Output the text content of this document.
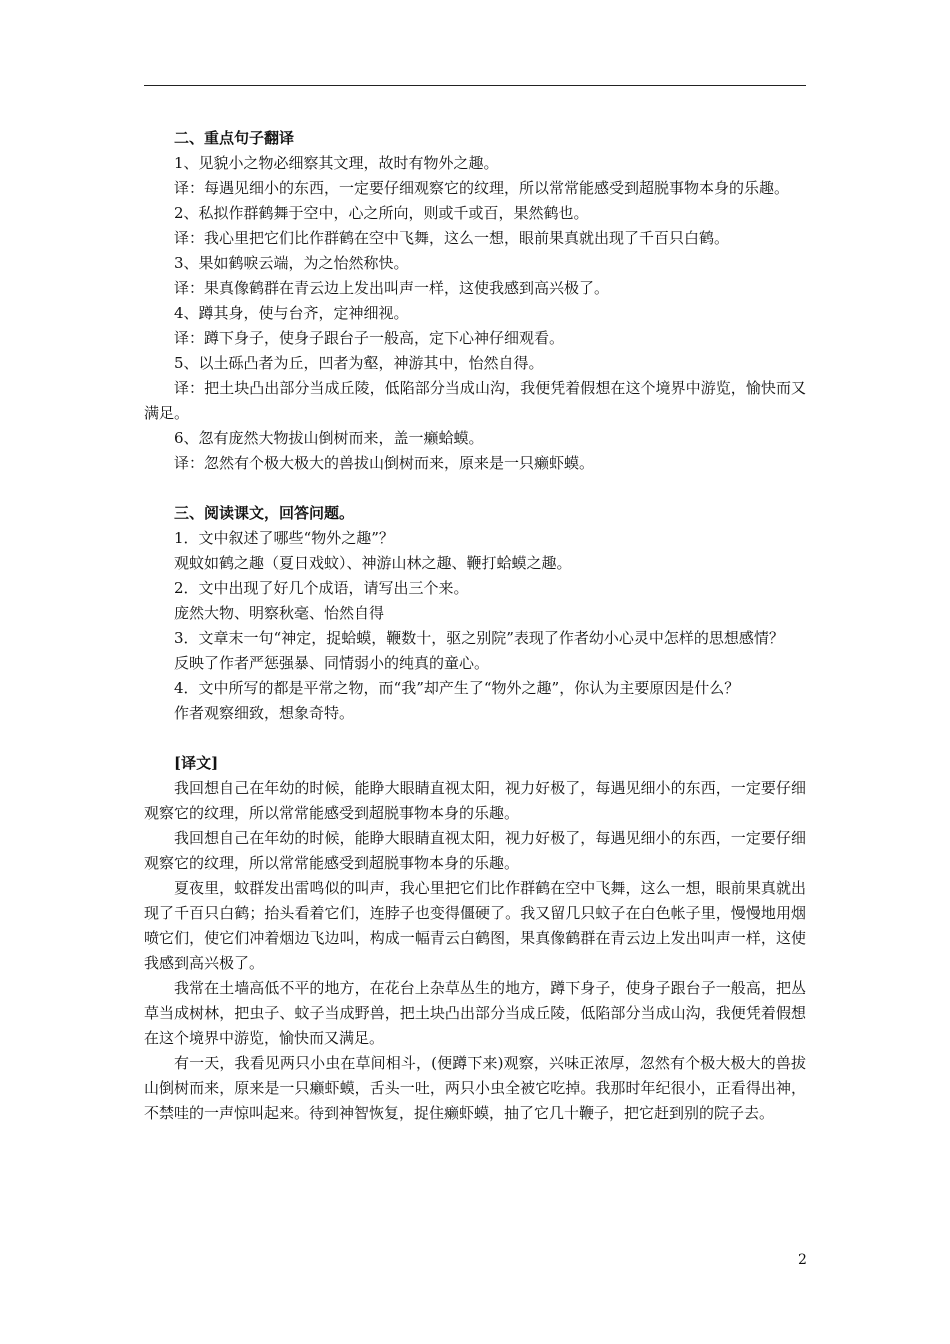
二、重点句子翻译
1、见貌小之物必细察其文理，故时有物外之趣。
译：每遇见细小的东西，一定要仔细观察它的纹理，所以常常能感受到超脱事物本身的乐趣。
2、私拟作群鹤舞于空中，心之所向，则或千或百，果然鹤也。
译：我心里把它们比作群鹤在空中飞舞，这么一想，眼前果真就出现了千百只白鹤。
3、果如鹤唳云端，为之怡然称快。
译：果真像鹤群在青云边上发出叫声一样，这使我感到高兴极了。
4、蹲其身，使与台齐，定神细视。
译：蹲下身子，使身子跟台子一般高，定下心神仔细观看。
5、以土砾凸者为丘，凹者为壑，神游其中，怡然自得。
译：把土块凸出部分当成丘陵，低陷部分当成山沟，我便凭着假想在这个境界中游览，愉快而又满足。
6、忽有庞然大物拔山倒树而来，盖一癞蛤蟆。
译：忽然有个极大极大的兽拔山倒树而来，原来是一只癞虾蟆。
三、阅读课文，回答问题。
1．文中叙述了哪些“物外之趣”？
观蚊如鹤之趣（夏日戏蚊）、神游山林之趣、鞭打蛤蟆之趣。
2．文中出现了好几个成语，请写出三个来。
庞然大物、明察秋毫、怡然自得
3．文章末一句“神定，捉蛤蟆，鞭数十，驱之别院”表现了作者幼小心灵中怎样的思想感情？
反映了作者严惩强暴、同情弱小的纯真的童心。
4．文中所写的都是平常之物，而“我”却产生了“物外之趣”，你认为主要原因是什么？
作者观察细致，想象奇特。
[译文]
我回想自己在年幼的时候，能睁大眼睛直视太阳，视力好极了，每遇见细小的东西，一定要仔细观察它的纹理，所以常常能感受到超脱事物本身的乐趣。
我回想自己在年幼的时候，能睁大眼睛直视太阳，视力好极了，每遇见细小的东西，一定要仔细观察它的纹理，所以常常能感受到超脱事物本身的乐趣。
夏夜里，蚊群发出雷鸣似的叫声，我心里把它们比作群鹤在空中飞舞，这么一想，眼前果真就出现了千百只白鹤；抬头看着它们，连脖子也变得僵硬了。我又留几只蚊子在白色帐子里，慢慢地用烟喷它们，使它们冲着烟边飞边叫，构成一幅青云白鹤图，果真像鹤群在青云边上发出叫声一样，这使我感到高兴极了。
我常在土墙高低不平的地方，在花台上杂草丛生的地方，蹲下身子，使身子跟台子一般高，把丛草当成树林，把虫子、蚊子当成野兽，把土块凸出部分当成丘陵，低陷部分当成山沟，我便凭着假想在这个境界中游览，愉快而又满足。
有一天，我看见两只小虫在草间相斗，(便蹲下来)观察，兴味正浓厚，忽然有个极大极大的兽拔山倒树而来，原来是一只癞虾蟆，舌头一吐，两只小虫全被它吃掉。我那时年纪很小，正看得出神，不禁哇的一声惊叫起来。待到神智恢复，捉住癞虾蟆，抽了它几十鞭子，把它赶到别的院子去。
2
